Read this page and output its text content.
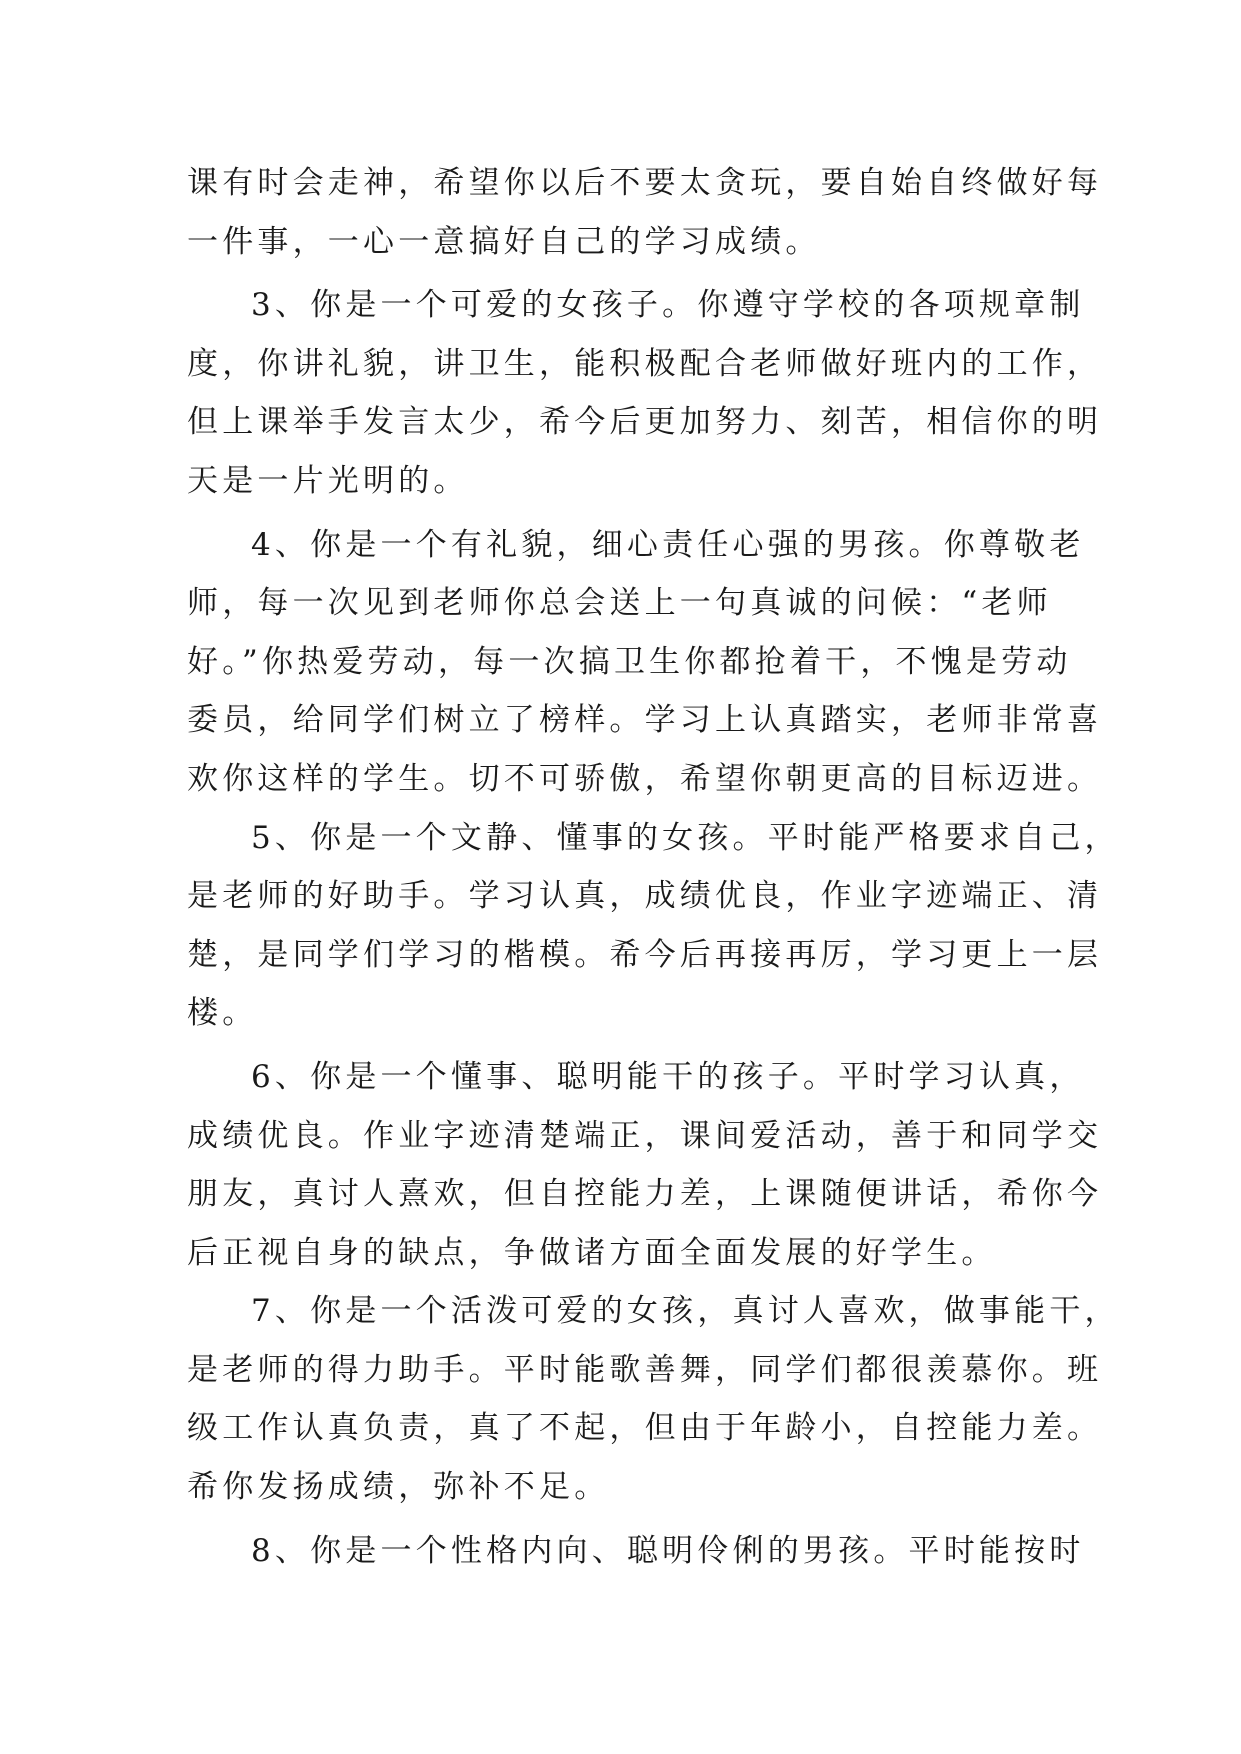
课有时会走神，希望你以后不要太贪玩，要自始自终做好每
一件事，一心一意搞好自己的学习成绩。
3、你是一个可爱的女孩子。你遵守学校的各项规章制
度，你讲礼貌，讲卫生，能积极配合老师做好班内的工作，
但上课举手发言太少，希今后更加努力、刻苦，相信你的明
天是一片光明的。
4、你是一个有礼貌，细心责任心强的男孩。你尊敬老
师，每一次见到老师你总会送上一句真诚的问候：“老师
好。”你热爱劳动，每一次搞卫生你都抢着干，不愧是劳动
委员，给同学们树立了榜样。学习上认真踏实，老师非常喜
欢你这样的学生。切不可骄傲，希望你朝更高的目标迈进。
5、你是一个文静、懂事的女孩。平时能严格要求自己，
是老师的好助手。学习认真，成绩优良，作业字迹端正、清
楚，是同学们学习的楷模。希今后再接再厉，学习更上一层
楼。
6、你是一个懂事、聪明能干的孩子。平时学习认真，
成绩优良。作业字迹清楚端正，课间爱活动，善于和同学交
朋友，真讨人熹欢，但自控能力差，上课随便讲话，希你今
后正视自身的缺点，争做诸方面全面发展的好学生。
7、你是一个活泼可爱的女孩，真讨人喜欢，做事能干，
是老师的得力助手。平时能歌善舞，同学们都很羡慕你。班
级工作认真负责，真了不起，但由于年龄小，自控能力差。
希你发扬成绩，弥补不足。
8、你是一个性格内向、聪明伶俐的男孩。平时能按时
